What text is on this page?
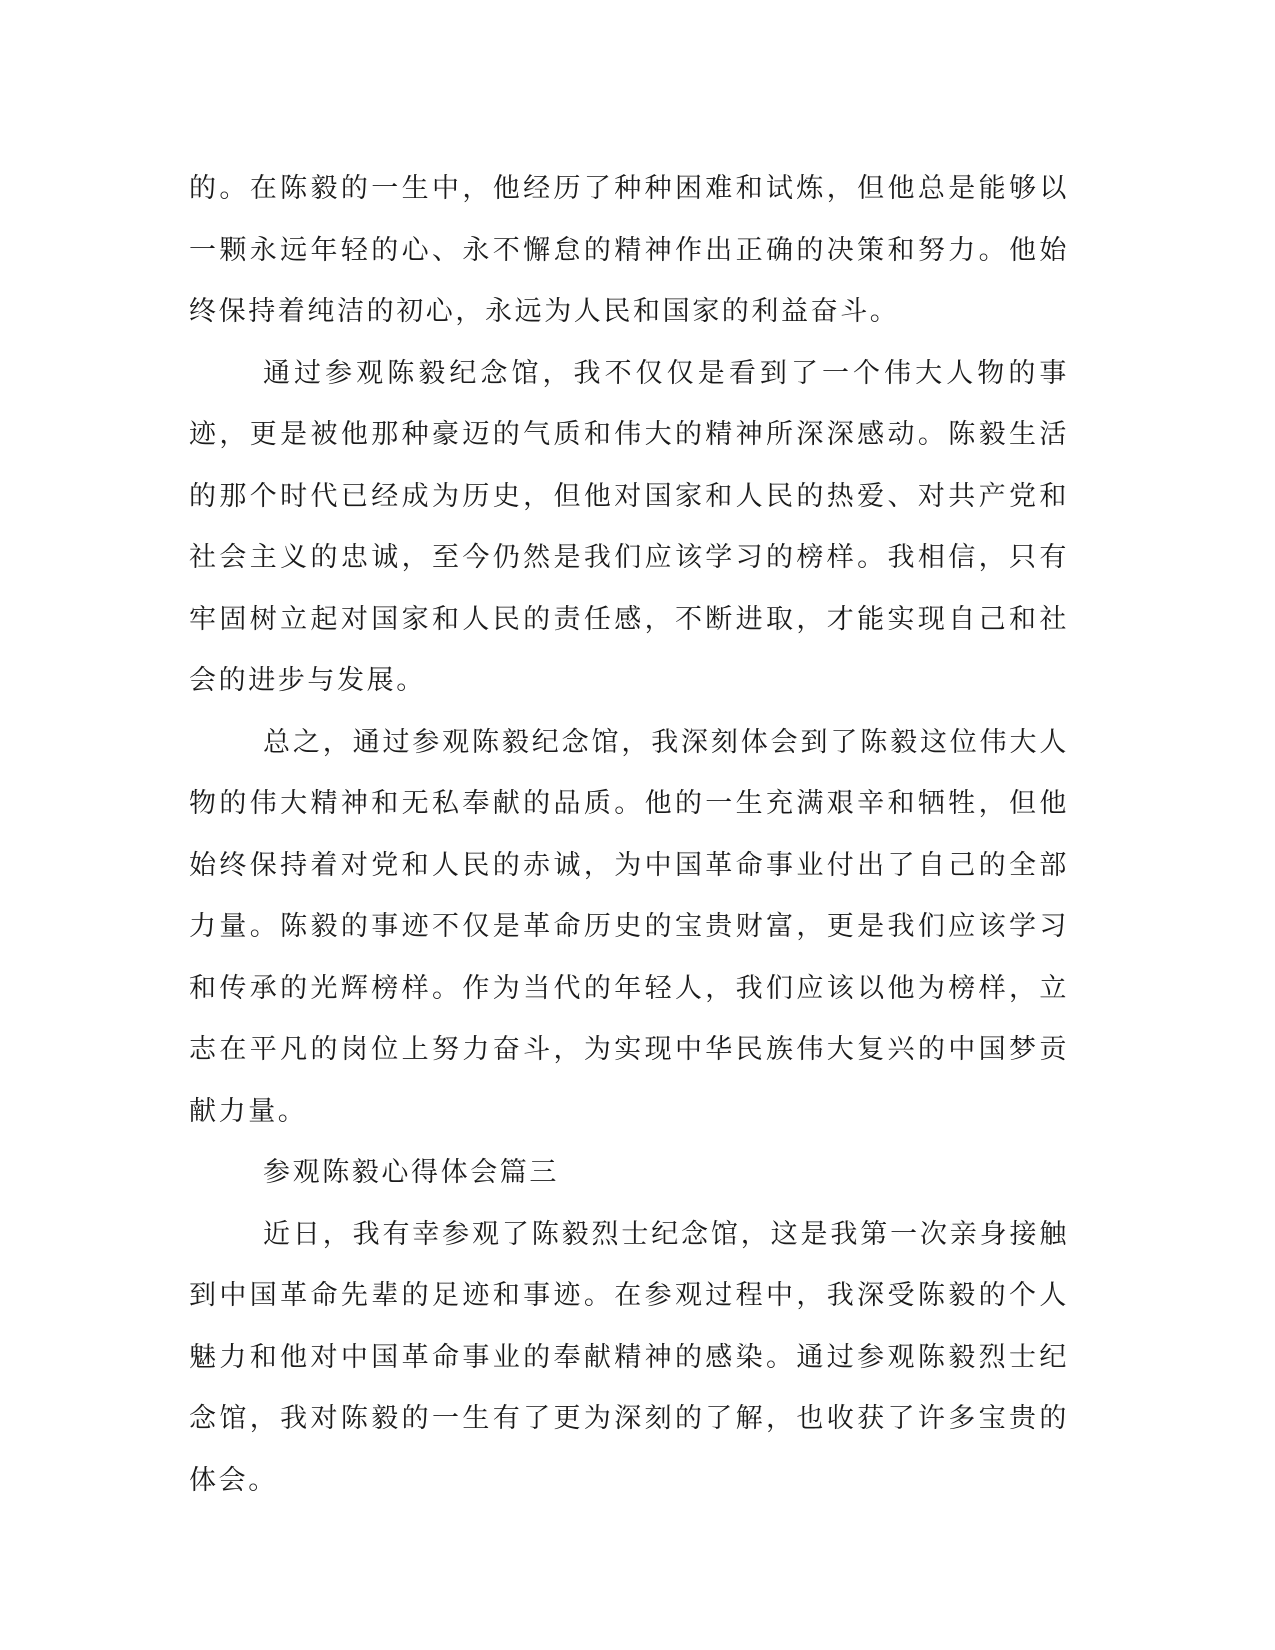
的。在陈毅的一生中，他经历了种种困难和试炼，但他总是能够以一颗永远年轻的心、永不懈怠的精神作出正确的决策和努力。他始终保持着纯洁的初心，永远为人民和国家的利益奋斗。

通过参观陈毅纪念馆，我不仅仅是看到了一个伟大人物的事迹，更是被他那种豪迈的气质和伟大的精神所深深感动。陈毅生活的那个时代已经成为历史，但他对国家和人民的热爱、对共产党和社会主义的忠诚，至今仍然是我们应该学习的榜样。我相信，只有牢固树立起对国家和人民的责任感，不断进取，才能实现自己和社会的进步与发展。

总之，通过参观陈毅纪念馆，我深刻体会到了陈毅这位伟大人物的伟大精神和无私奉献的品质。他的一生充满艰辛和牺牲，但他始终保持着对党和人民的赤诚，为中国革命事业付出了自己的全部力量。陈毅的事迹不仅是革命历史的宝贵财富，更是我们应该学习和传承的光辉榜样。作为当代的年轻人，我们应该以他为榜样，立志在平凡的岗位上努力奋斗，为实现中华民族伟大复兴的中国梦贡献力量。

参观陈毅心得体会篇三

近日，我有幸参观了陈毅烈士纪念馆，这是我第一次亲身接触到中国革命先辈的足迹和事迹。在参观过程中，我深受陈毅的个人魅力和他对中国革命事业的奉献精神的感染。通过参观陈毅烈士纪念馆，我对陈毅的一生有了更为深刻的了解，也收获了许多宝贵的体会。
